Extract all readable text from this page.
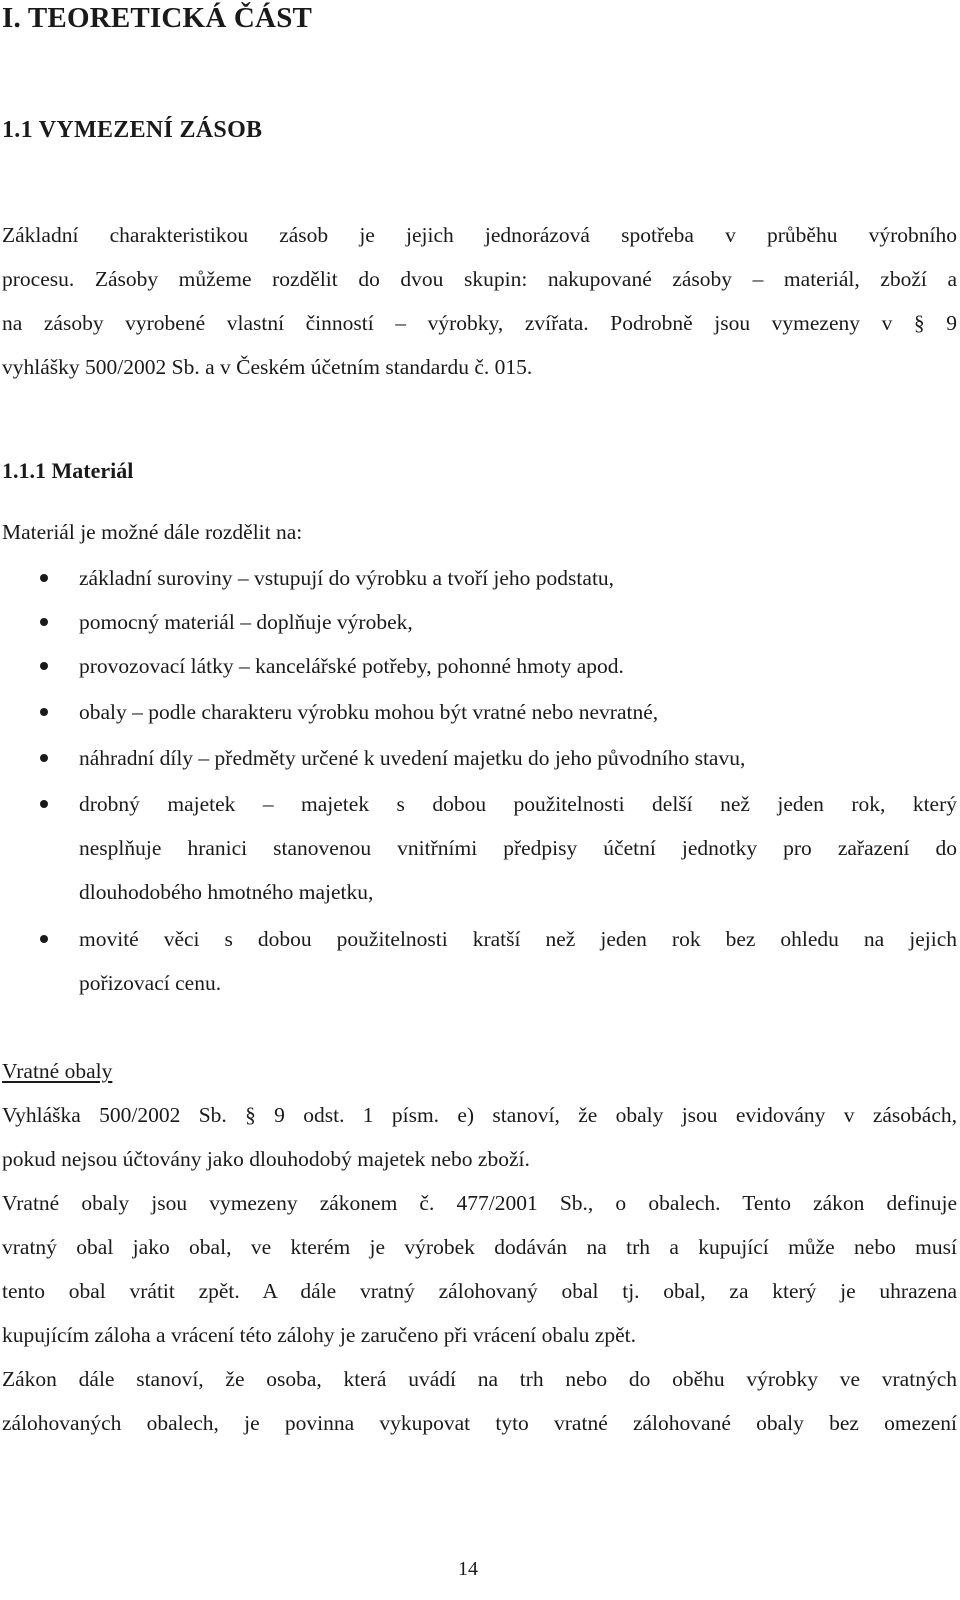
I. TEORETICKÁ ČÁST
1.1 VYMEZENÍ ZÁSOB
Základní charakteristikou zásob je jejich jednorázová spotřeba v průběhu výrobního
procesu. Zásoby můžeme rozdělit do dvou skupin: nakupované zásoby – materiál, zboží a
na zásoby vyrobené vlastní činností – výrobky, zvířata. Podrobně jsou vymezeny v § 9
vyhlášky 500/2002 Sb. a v Českém účetním standardu č. 015.
1.1.1 Materiál
Materiál je možné dále rozdělit na:
základní suroviny – vstupují do výrobku a tvoří jeho podstatu,
pomocný materiál – doplňuje výrobek,
provozovací látky – kancelářské potřeby, pohonné hmoty apod.
obaly – podle charakteru výrobku mohou být vratné nebo nevratné,
náhradní díly – předměty určené k uvedení majetku do jeho původního stavu,
drobný majetek – majetek s dobou použitelnosti delší než jeden rok, který
nesplňuje hranici stanovenou vnitřními předpisy účetní jednotky pro zařazení do
dlouhodobého hmotného majetku,
movité věci s dobou použitelnosti kratší než jeden rok bez ohledu na jejich
pořizovací cenu.
Vratné obaly
Vyhláška 500/2002 Sb. § 9 odst. 1 písm. e) stanoví, že obaly jsou evidovány v zásobách,
pokud nejsou účtovány jako dlouhodobý majetek nebo zboží.
Vratné obaly jsou vymezeny zákonem č. 477/2001 Sb., o obalech. Tento zákon definuje
vratný obal jako obal, ve kterém je výrobek dodáván na trh a kupující může nebo musí
tento obal vrátit zpět. A dále vratný zálohovaný obal tj. obal, za který je uhrazena
kupujícím záloha a vrácení této zálohy je zaručeno při vrácení obalu zpět.
Zákon dále stanoví, že osoba, která uvádí na trh nebo do oběhu výrobky ve vratných
zálohovaných obalech, je povinna vykupovat tyto vratné zálohované obaly bez omezení
14
